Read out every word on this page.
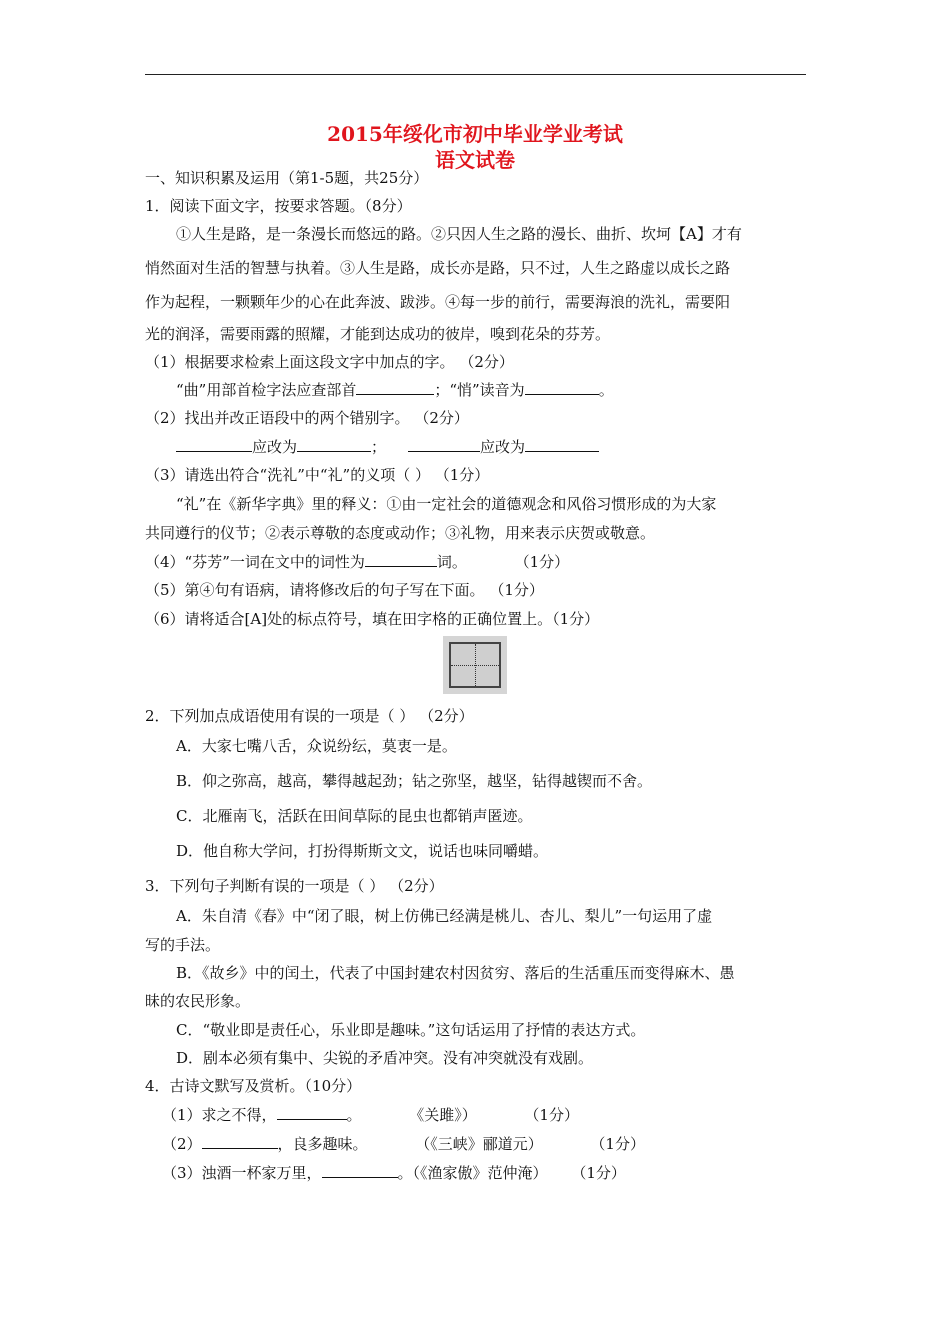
2015年绥化市初中毕业学业考试
语文试卷
一、知识积累及运用（第1-5题，共25分）
1．阅读下面文字，按要求答题。（8分）
①人生是路，是一条漫长而悠远的路。②只因人生之路的漫长、曲折、坎坷【A】才有
悄然面对生活的智慧与执着。③人生是路，成长亦是路，只不过，人生之路虚以成长之路
作为起程，一颗颗年少的心在此奔波、跋涉。④每一步的前行，需要海浪的洗礼，需要阳
光的润泽，需要雨露的照耀，才能到达成功的彼岸，嗅到花朵的芬芳。
（1）根据要求检索上面这段文字中加点的字。 （2分）
“曲”用部首检字法应查部首	；“悄”读音为	。
（2）找出并改正语段中的两个错别字。 （2分）
应改为	；	应改为
（3）请选出符合“洗礼”中“礼”的义项（ ） （1分）
“礼”在《新华字典》里的释义：①由一定社会的道德观念和风俗习惯形成的为大家
共同遵行的仪节；②表示尊敬的态度或动作；③礼物，用来表示庆贺或敬意。
（4）“芬芳”一词在文中的词性为	词。          （1分）
（5）第④句有语病，请将修改后的句子写在下面。 （1分）
（6）请将适合[A]处的标点符号，填在田字格的正确位置上。（1分）
2．下列加点成语使用有误的一项是（ ） （2分）
A．大家七嘴八舌，众说纷纭，莫衷一是。
B．仰之弥高，越高，攀得越起劲；钻之弥坚，越坚，钻得越锲而不舍。
C．北雁南飞，活跃在田间草际的昆虫也都销声匿迹。
D．他自称大学问，打扮得斯斯文文，说话也味同嚼蜡。
3．下列句子判断有误的一项是（ ） （2分）
A．朱自清《春》中“闭了眼，树上仿佛已经满是桃儿、杏儿、梨儿”一句运用了虚
写的手法。
B．《故乡》中的闰土，代表了中国封建农村因贫穷、落后的生活重压而变得麻木、愚
昧的农民形象。
C．“敬业即是责任心，乐业即是趣味。”这句话运用了抒情的表达方式。
D．剧本必须有集中、尖锐的矛盾冲突。没有冲突就没有戏剧。
4．古诗文默写及赏析。（10分）
（1）求之不得，	。          《关雎》）          （1分）
（2）	，良多趣味。          （《三峡》郦道元）          （1分）
（3）浊酒一杯家万里，	。（《渔家傲》范仲淹）     （1分）
